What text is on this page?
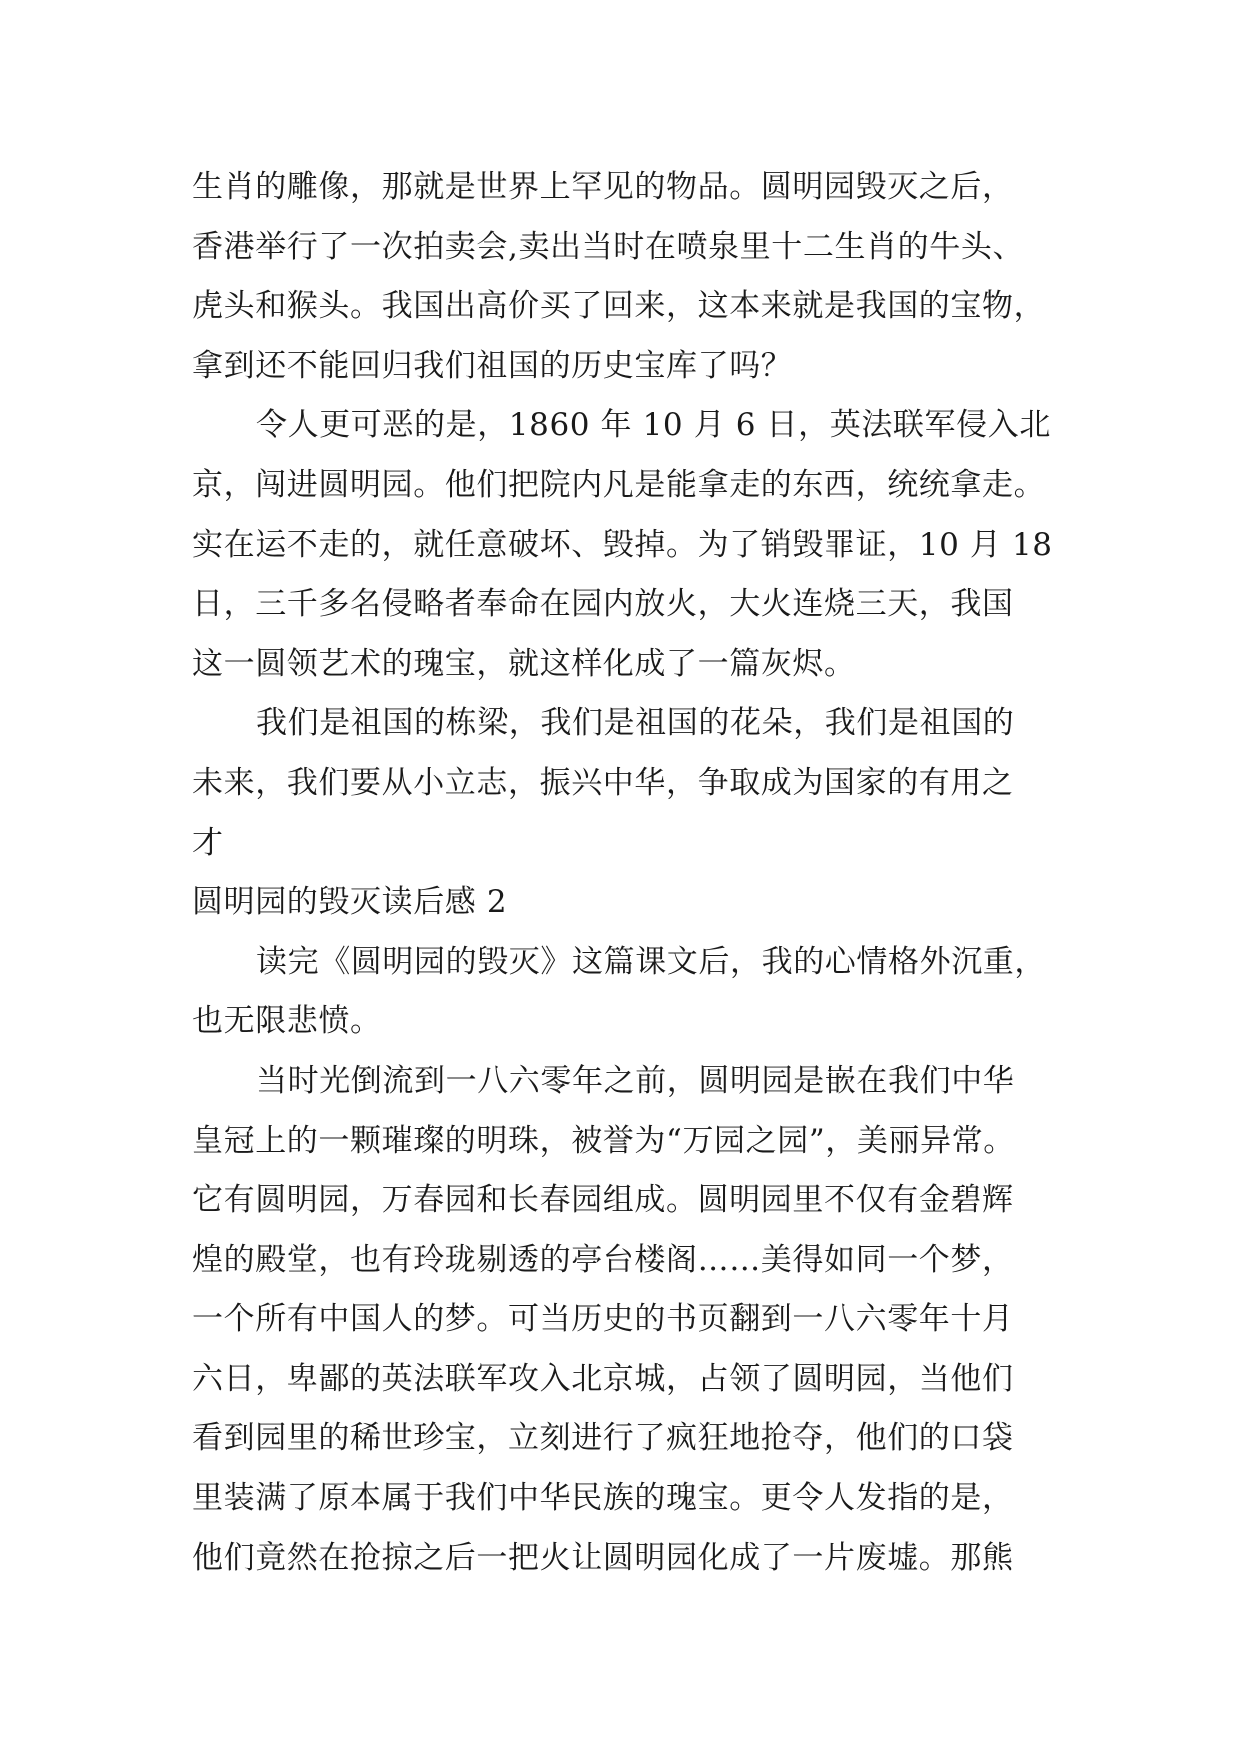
生肖的雕像，那就是世界上罕见的物品。圆明园毁灭之后，
香港举行了一次拍卖会,卖出当时在喷泉里十二生肖的牛头、
虎头和猴头。我国出高价买了回来，这本来就是我国的宝物，
拿到还不能回归我们祖国的历史宝库了吗？
令人更可恶的是，1860 年 10 月 6 日，英法联军侵入北
京，闯进圆明园。他们把院内凡是能拿走的东西，统统拿走。
实在运不走的，就任意破坏、毁掉。为了销毁罪证，10 月 18
日，三千多名侵略者奉命在园内放火，大火连烧三天，我国
这一圆领艺术的瑰宝，就这样化成了一篇灰烬。
我们是祖国的栋梁，我们是祖国的花朵，我们是祖国的
未来，我们要从小立志，振兴中华，争取成为国家的有用之
才
圆明园的毁灭读后感 2
读完《圆明园的毁灭》这篇课文后，我的心情格外沉重，
也无限悲愤。
当时光倒流到一八六零年之前，圆明园是嵌在我们中华
皇冠上的一颗璀璨的明珠，被誉为“万园之园”，美丽异常。
它有圆明园，万春园和长春园组成。圆明园里不仅有金碧辉
煌的殿堂，也有玲珑剔透的亭台楼阁……美得如同一个梦，
一个所有中国人的梦。可当历史的书页翻到一八六零年十月
六日，卑鄙的英法联军攻入北京城，占领了圆明园，当他们
看到园里的稀世珍宝，立刻进行了疯狂地抢夺，他们的口袋
里装满了原本属于我们中华民族的瑰宝。更令人发指的是，
他们竟然在抢掠之后一把火让圆明园化成了一片废墟。那熊
